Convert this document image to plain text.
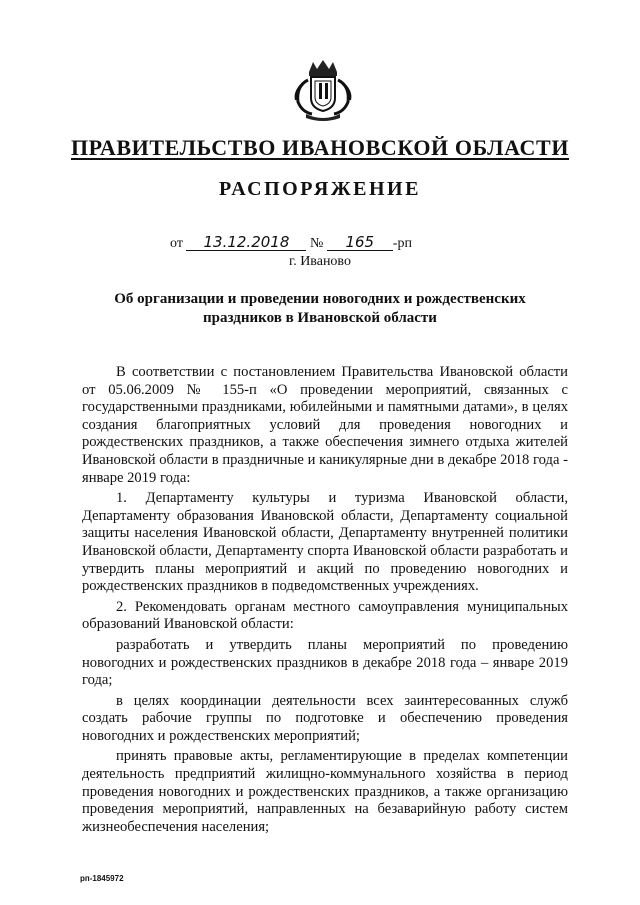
ПРАВИТЕЛЬСТВО ИВАНОВСКОЙ ОБЛАСТИ
РАСПОРЯЖЕНИЕ
от 13.12.2018 № 165 -рп
г. Иваново
Об организации и проведении новогодних и рождественских
праздников в Ивановской области

В соответствии с постановлением Правительства Ивановской области от 05.06.2009 № 155-п «О проведении мероприятий, связанных с государственными праздниками, юбилейными и памятными датами», в целях создания благоприятных условий для проведения новогодних и рождественских праздников, а также обеспечения зимнего отдыха жителей Ивановской области в праздничные и каникулярные дни в декабре 2018 года - январе 2019 года:

1. Департаменту культуры и туризма Ивановской области, Департаменту образования Ивановской области, Департаменту социальной защиты населения Ивановской области, Департаменту внутренней политики Ивановской области, Департаменту спорта Ивановской области разработать и утвердить планы мероприятий и акций по проведению новогодних и рождественских праздников в подведомственных учреждениях.

2. Рекомендовать органам местного самоуправления муниципальных образований Ивановской области:

разработать и утвердить планы мероприятий по проведению новогодних и рождественских праздников в декабре 2018 года – январе 2019 года;

в целях координации деятельности всех заинтересованных служб создать рабочие группы по подготовке и обеспечению проведения новогодних и рождественских мероприятий;

принять правовые акты, регламентирующие в пределах компетенции деятельность предприятий жилищно-коммунального хозяйства в период проведения новогодних и рождественских праздников, а также организацию проведения мероприятий, направленных на безаварийную работу систем жизнеобеспечения населения;

рп-1845972
